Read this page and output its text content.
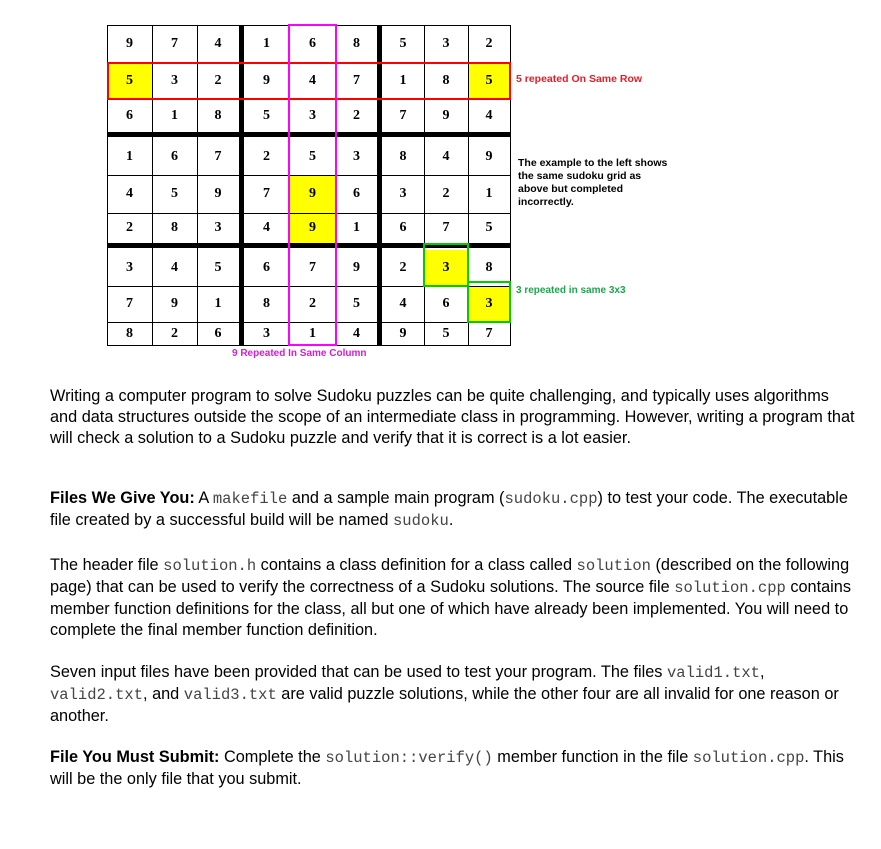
9	7	4	1	6	8	5	3	2
5	3	2	9	4	7	1	8	5
6	1	8	5	3	2	7	9	4
1	6	7	2	5	3	8	4	9
4	5	9	7	9	6	3	2	1
2	8	3	4	9	1	6	7	5
3	4	5	6	7	9	2	3	8
7	9	1	8	2	5	4	6	3
8	2	6	3	1	4	9	5	7
5 repeated On Same Row
The example to the left shows the same sudoku grid as above but completed incorrectly.
3 repeated in same 3x3
9 Repeated In Same Column

Writing a computer program to solve Sudoku puzzles can be quite challenging, and typically uses algorithms and data structures outside the scope of an intermediate class in programming. However, writing a program that will check a solution to a Sudoku puzzle and verify that it is correct is a lot easier.

Files We Give You: A makefile and a sample main program (sudoku.cpp) to test your code. The executable file created by a successful build will be named sudoku.

The header file solution.h contains a class definition for a class called solution (described on the following page) that can be used to verify the correctness of a Sudoku solutions. The source file solution.cpp contains member function definitions for the class, all but one of which have already been implemented. You will need to complete the final member function definition.

Seven input files have been provided that can be used to test your program. The files valid1.txt, valid2.txt, and valid3.txt are valid puzzle solutions, while the other four are all invalid for one reason or another.

File You Must Submit: Complete the solution::verify() member function in the file solution.cpp. This will be the only file that you submit.
